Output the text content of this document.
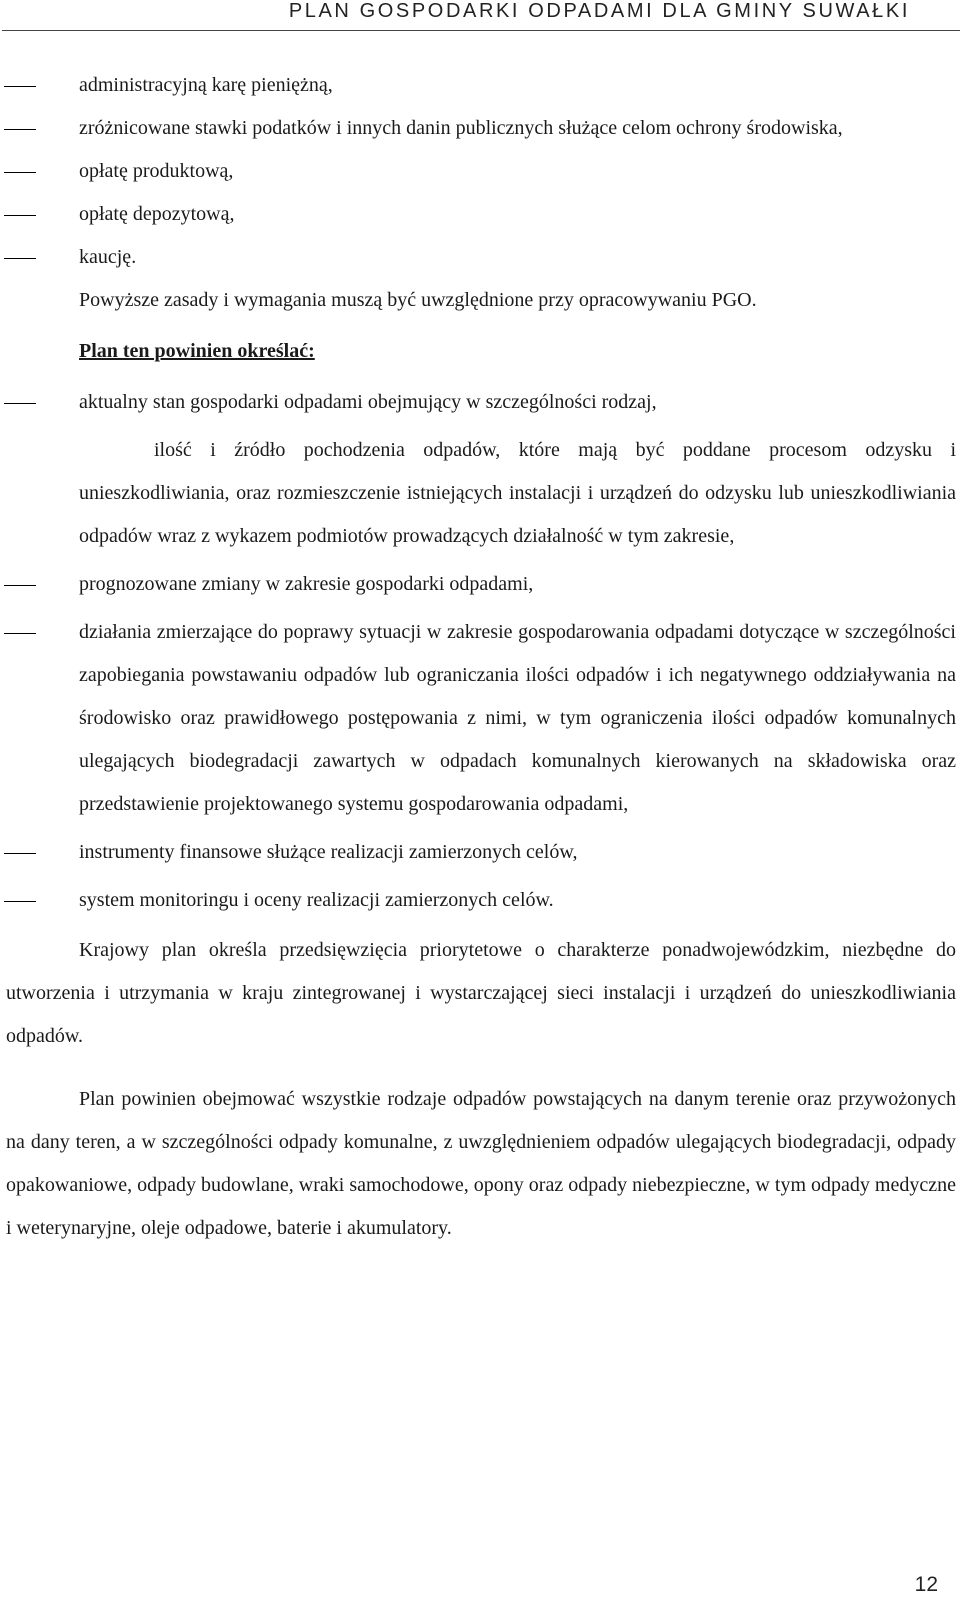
PLAN GOSPODARKI ODPADAMI DLA GMINY SUWAŁKI
administracyjną karę pieniężną,
zróżnicowane stawki podatków i innych danin publicznych służące celom ochrony środowiska,
opłatę produktową,
opłatę depozytową,
kaucję.
Powyższe zasady i wymagania muszą być uwzględnione przy opracowywaniu PGO.
Plan ten powinien określać:
aktualny stan gospodarki odpadami obejmujący w szczególności rodzaj,
ilość i źródło pochodzenia odpadów, które mają być poddane procesom odzysku i unieszkodliwiania, oraz rozmieszczenie istniejących instalacji i urządzeń do odzysku lub unieszkodliwiania odpadów wraz z wykazem podmiotów prowadzących działalność w tym zakresie,
prognozowane zmiany w zakresie gospodarki odpadami,
działania zmierzające do poprawy sytuacji w zakresie gospodarowania odpadami dotyczące w szczególności zapobiegania powstawaniu odpadów lub ograniczania ilości odpadów i ich negatywnego oddziaływania na środowisko oraz prawidłowego postępowania z nimi, w tym ograniczenia ilości odpadów komunalnych ulegających biodegradacji zawartych w odpadach komunalnych kierowanych na składowiska oraz przedstawienie projektowanego systemu gospodarowania odpadami,
instrumenty finansowe służące realizacji zamierzonych celów,
system monitoringu i oceny realizacji zamierzonych celów.

Krajowy plan określa przedsięwzięcia priorytetowe o charakterze ponadwojewódzkim, niezbędne do utworzenia i utrzymania w kraju zintegrowanej i wystarczającej sieci instalacji i urządzeń do unieszkodliwiania odpadów.

Plan powinien obejmować wszystkie rodzaje odpadów powstających na danym terenie oraz przywożonych na dany teren, a w szczególności odpady komunalne, z uwzględnieniem odpadów ulegających biodegradacji, odpady opakowaniowe, odpady budowlane, wraki samochodowe, opony oraz odpady niebezpieczne, w tym odpady medyczne i weterynaryjne, oleje odpadowe, baterie i akumulatory.

12
